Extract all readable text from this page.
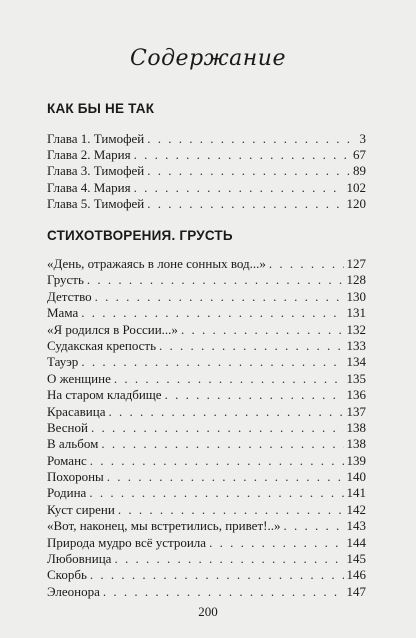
Содержание
КАК БЫ НЕ ТАК
Глава 1. Тимофей . . .	3
Глава 2. Мария . . .	67
Глава 3. Тимофей . . .	89
Глава 4. Мария . . .	102
Глава 5. Тимофей . . .	120
СТИХОТВОРЕНИЯ. ГРУСТЬ
«День, отражаясь в лоне сонных вод...» . . .	127
Грусть . . .	128
Детство . . .	130
Мама . . .	131
«Я родился в России...» . . .	132
Судакская крепость . . .	133
Тауэр . . .	134
О женщине . . .	135
На старом кладбище . . .	136
Красавица . . .	137
Весной . . .	138
В альбом . . .	138
Романс . . .	139
Похороны . . .	140
Родина . . .	141
Куст сирени . . .	142
«Вот, наконец, мы встретились, привет!..» . . .	143
Природа мудро всё устроила . . .	144
Любовница . . .	145
Скорбь . . .	146
Элеонора . . .	147
200
